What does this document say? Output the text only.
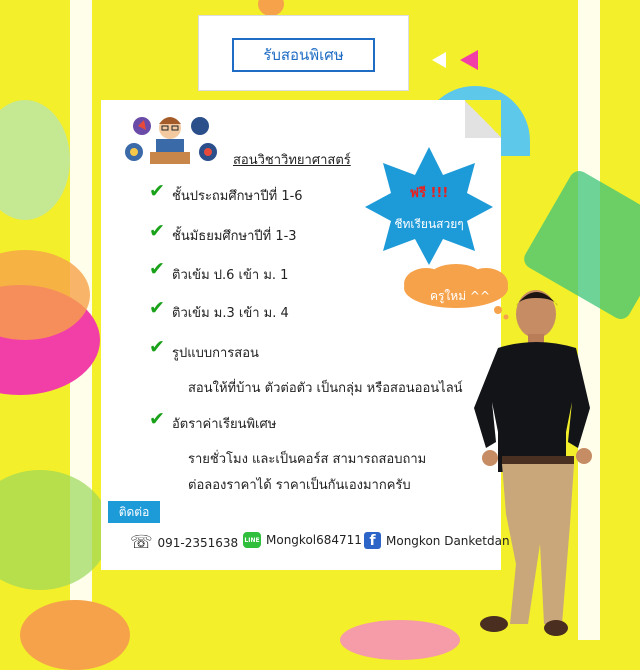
รับสอนพิเศษ
สอนวิชาวิทยาศาสตร์
✔ ชั้นประถมศึกษาปีที่ 1-6
✔ ชั้นมัธยมศึกษาปีที่ 1-3
✔ ติวเข้ม ป.6 เข้า ม. 1
✔ ติวเข้ม ม.3 เข้า ม. 4
✔ รูปแบบการสอน
สอนให้ที่บ้าน ตัวต่อตัว เป็นกลุ่ม หรือสอนออนไลน์
✔ อัตราค่าเรียนพิเศษ
รายชั่วโมง และเป็นคอร์ส สามารถสอบถาม
ต่อลองราคาได้ ราคาเป็นกันเองมากครับ
ติดต่อ
☏ 091-2351638 LINE Mongkol684711 f Mongkon Danketdan
ฟรี !!!
ชีทเรียนสวยๆ
ครูใหม่ ^^
